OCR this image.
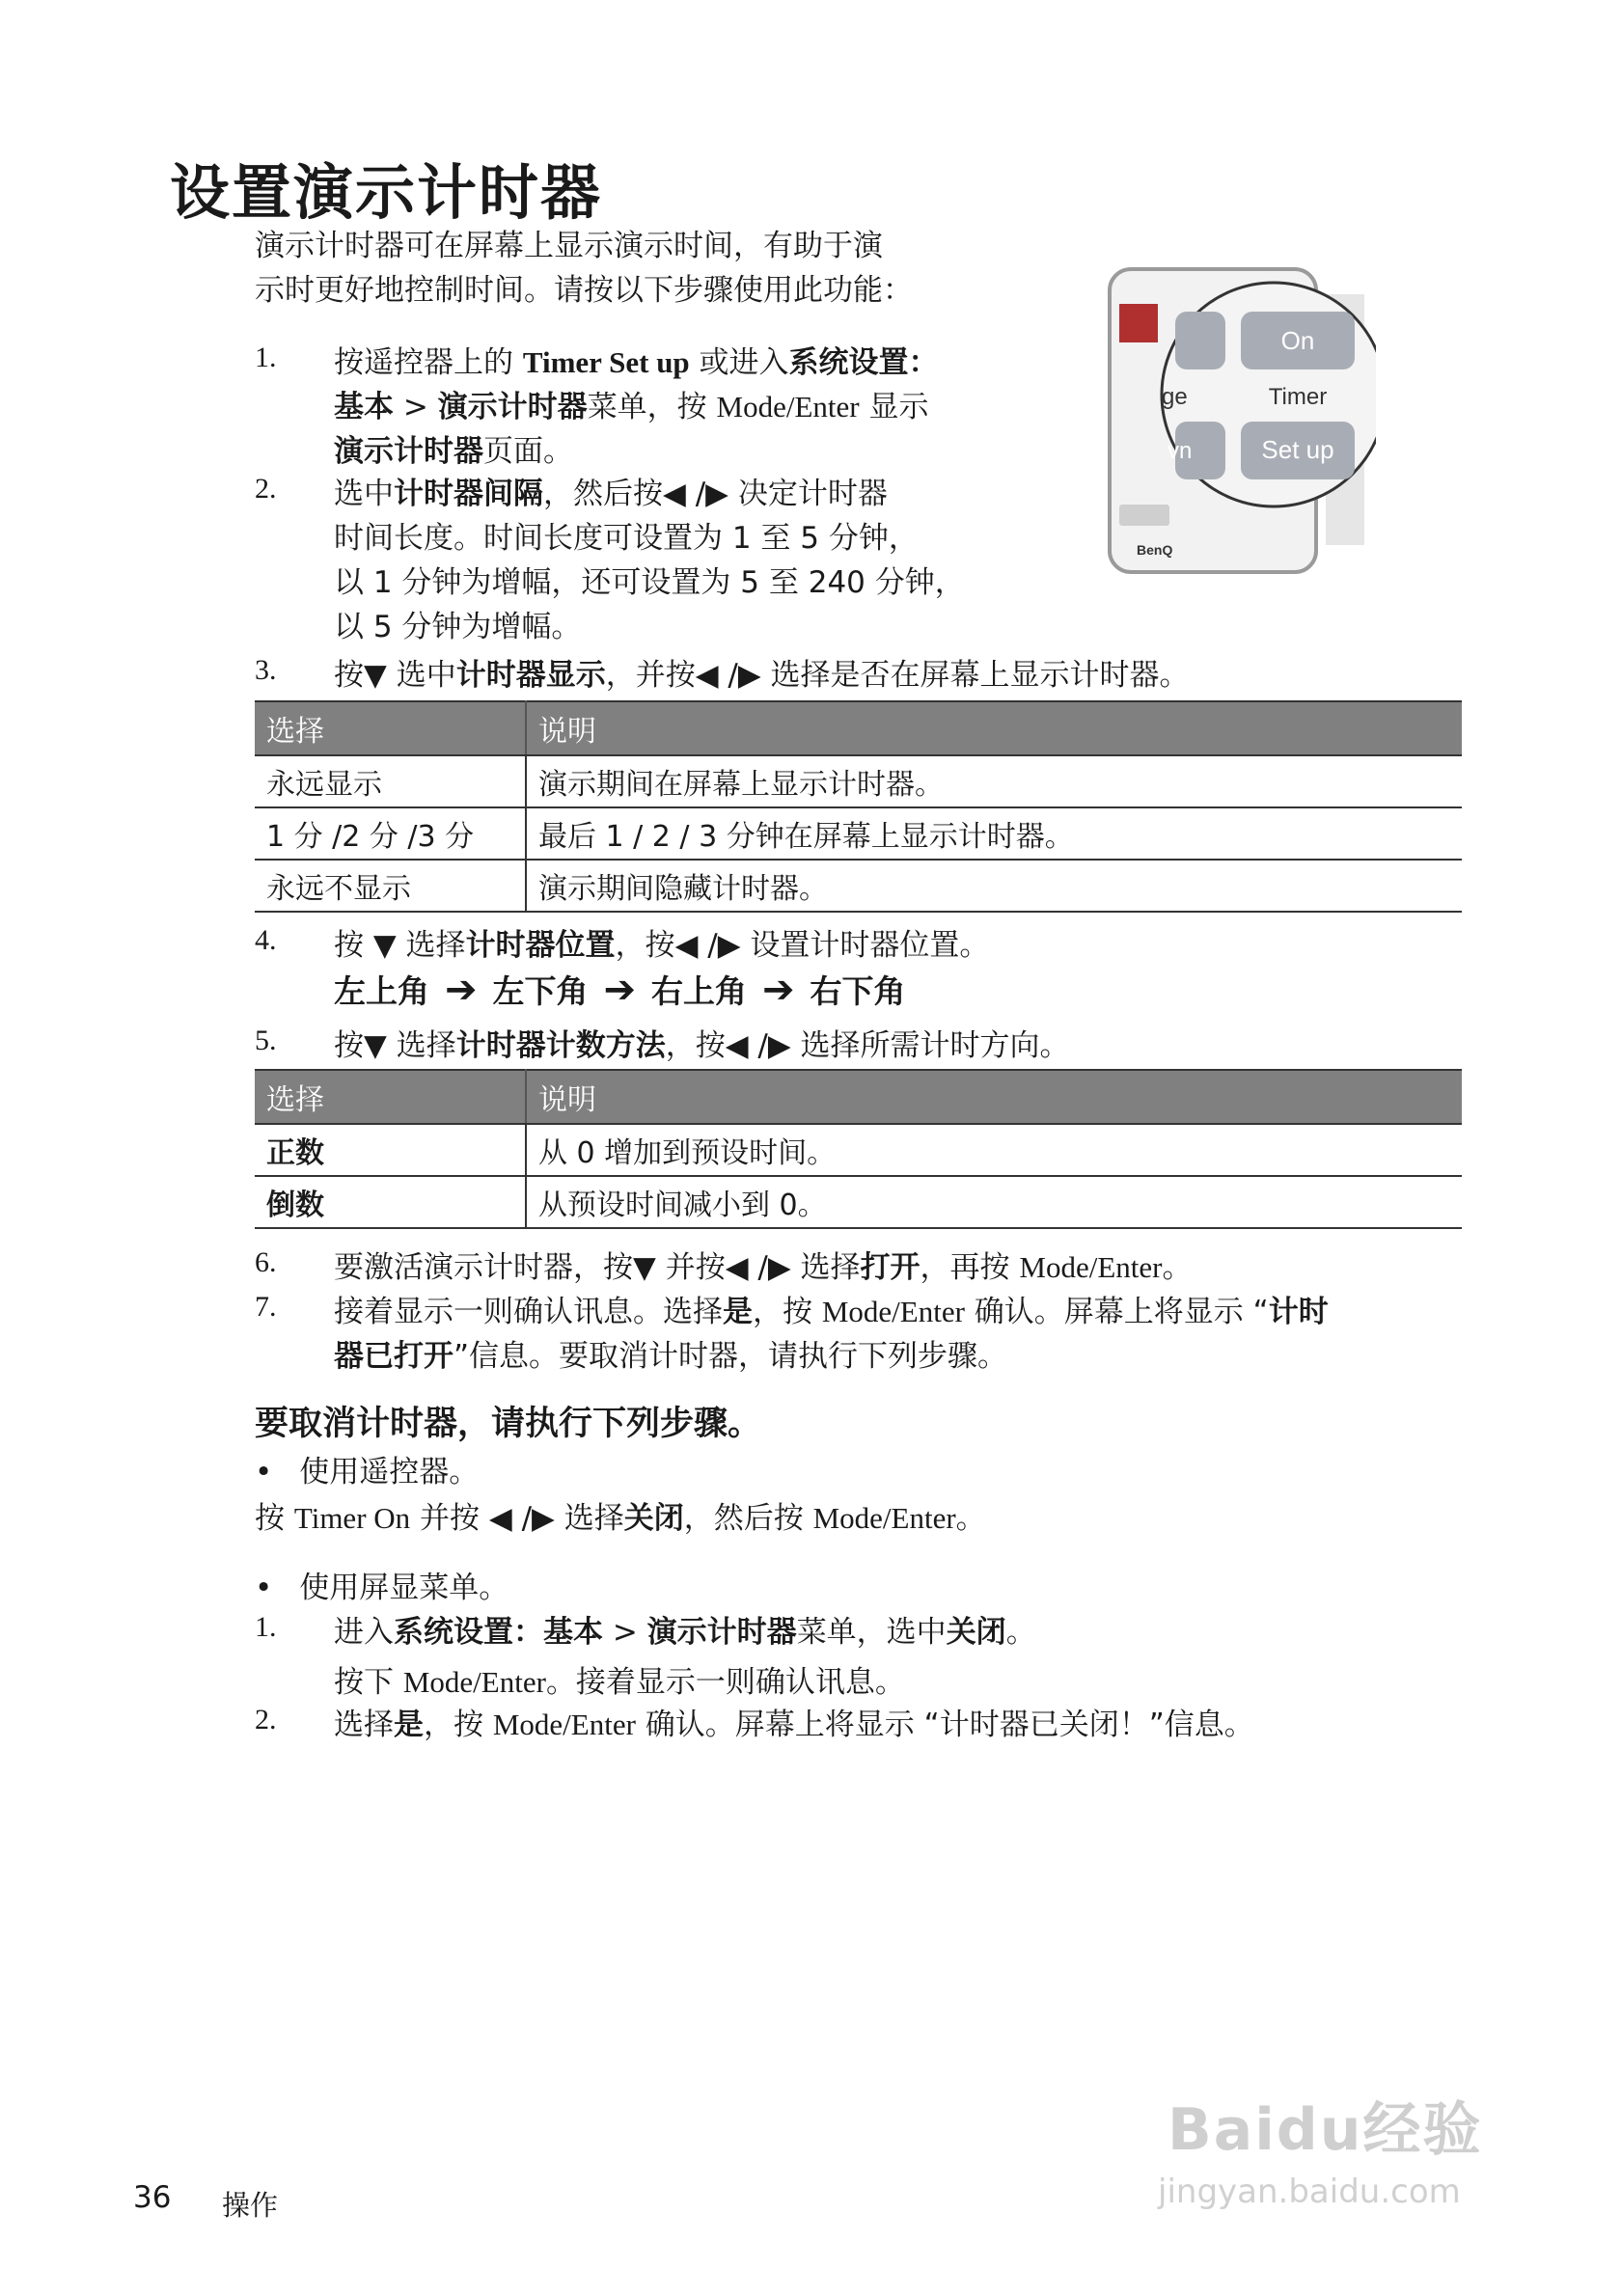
设置演示计时器
演示计时器可在屏幕上显示演示时间，有助于演
示时更好地控制时间。请按以下步骤使用此功能：
BenQ
On
Timer
Set up
ge
vn
1. 按遥控器上的 Timer Set up 或进入系统设置：
基本 > 演示计时器菜单，按 Mode/Enter 显示
演示计时器页面。
2. 选中计时器间隔，然后按◀ /▶ 决定计时器
时间长度。时间长度可设置为 1 至 5 分钟，
以 1 分钟为增幅，还可设置为 5 至 240 分钟，
以 5 分钟为增幅。
3. 按▼ 选中计时器显示，并按◀ /▶ 选择是否在屏幕上显示计时器。
选择	说明
永远显示	演示期间在屏幕上显示计时器。
1 分 /2 分 /3 分	最后 1 / 2 / 3 分钟在屏幕上显示计时器。
永远不显示	演示期间隐藏计时器。
4. 按 ▼ 选择计时器位置，按◀ /▶ 设置计时器位置。
左上角 ➔ 左下角 ➔ 右上角 ➔ 右下角
5. 按▼ 选择计时器计数方法，按◀ /▶ 选择所需计时方向。
选择	说明
正数	从 0 增加到预设时间。
倒数	从预设时间减小到 0。
6. 要激活演示计时器，按▼ 并按◀ /▶ 选择打开，再按 Mode/Enter。
7. 接着显示一则确认讯息。选择是，按 Mode/Enter 确认。屏幕上将显示 “计时
器已打开”信息。要取消计时器，请执行下列步骤。
要取消计时器，请执行下列步骤。
• 使用遥控器。
按 Timer On 并按 ◀ /▶ 选择关闭，然后按 Mode/Enter。
• 使用屏显菜单。
1. 进入系统设置：基本 > 演示计时器菜单，选中关闭。
按下 Mode/Enter。接着显示一则确认讯息。
2. 选择是，按 Mode/Enter 确认。屏幕上将显示 “计时器已关闭！”信息。
36 操作
Baidu经验
jingyan.baidu.com
